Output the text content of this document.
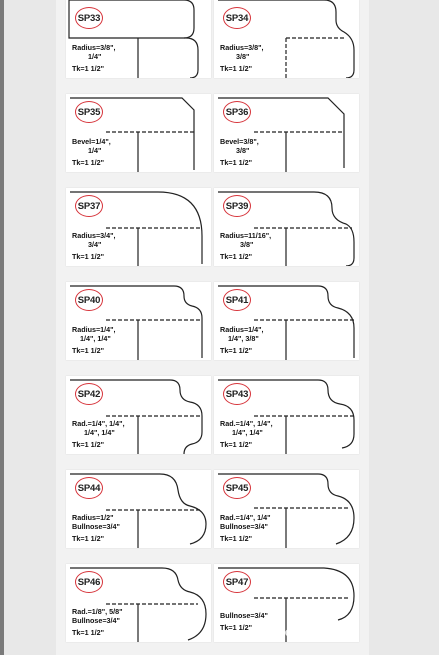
SP33
Radius=3/8",
1/4"
Tk=1 1/2"
SP34
Radius=3/8",
3/8"
Tk=1 1/2"
SP35
Bevel=1/4",
1/4"
Tk=1 1/2"
SP36
Bevel=3/8",
3/8"
Tk=1 1/2"
SP37
Radius=3/4",
3/4"
Tk=1 1/2"
SP39
Radius=11/16",
3/8"
Tk=1 1/2"
SP40
Radius=1/4",
1/4", 1/4"
Tk=1 1/2"
SP41
Radius=1/4",
1/4", 3/8"
Tk=1 1/2"
SP42
Rad.=1/4", 1/4",
1/4", 1/4"
Tk=1 1/2"
SP43
Rad.=1/4", 1/4",
1/4", 1/4"
Tk=1 1/2"
SP44
Radius=1/2"
Bullnose=3/4"
Tk=1 1/2"
SP45
Rad.=1/4", 1/4"
Bullnose=3/4"
Tk=1 1/2"
SP46
Rad.=1/8", 5/8"
Bullnose=3/4"
Tk=1 1/2"
SP47
Bullnose=3/4"
Tk=1 1/2"	dm.c
